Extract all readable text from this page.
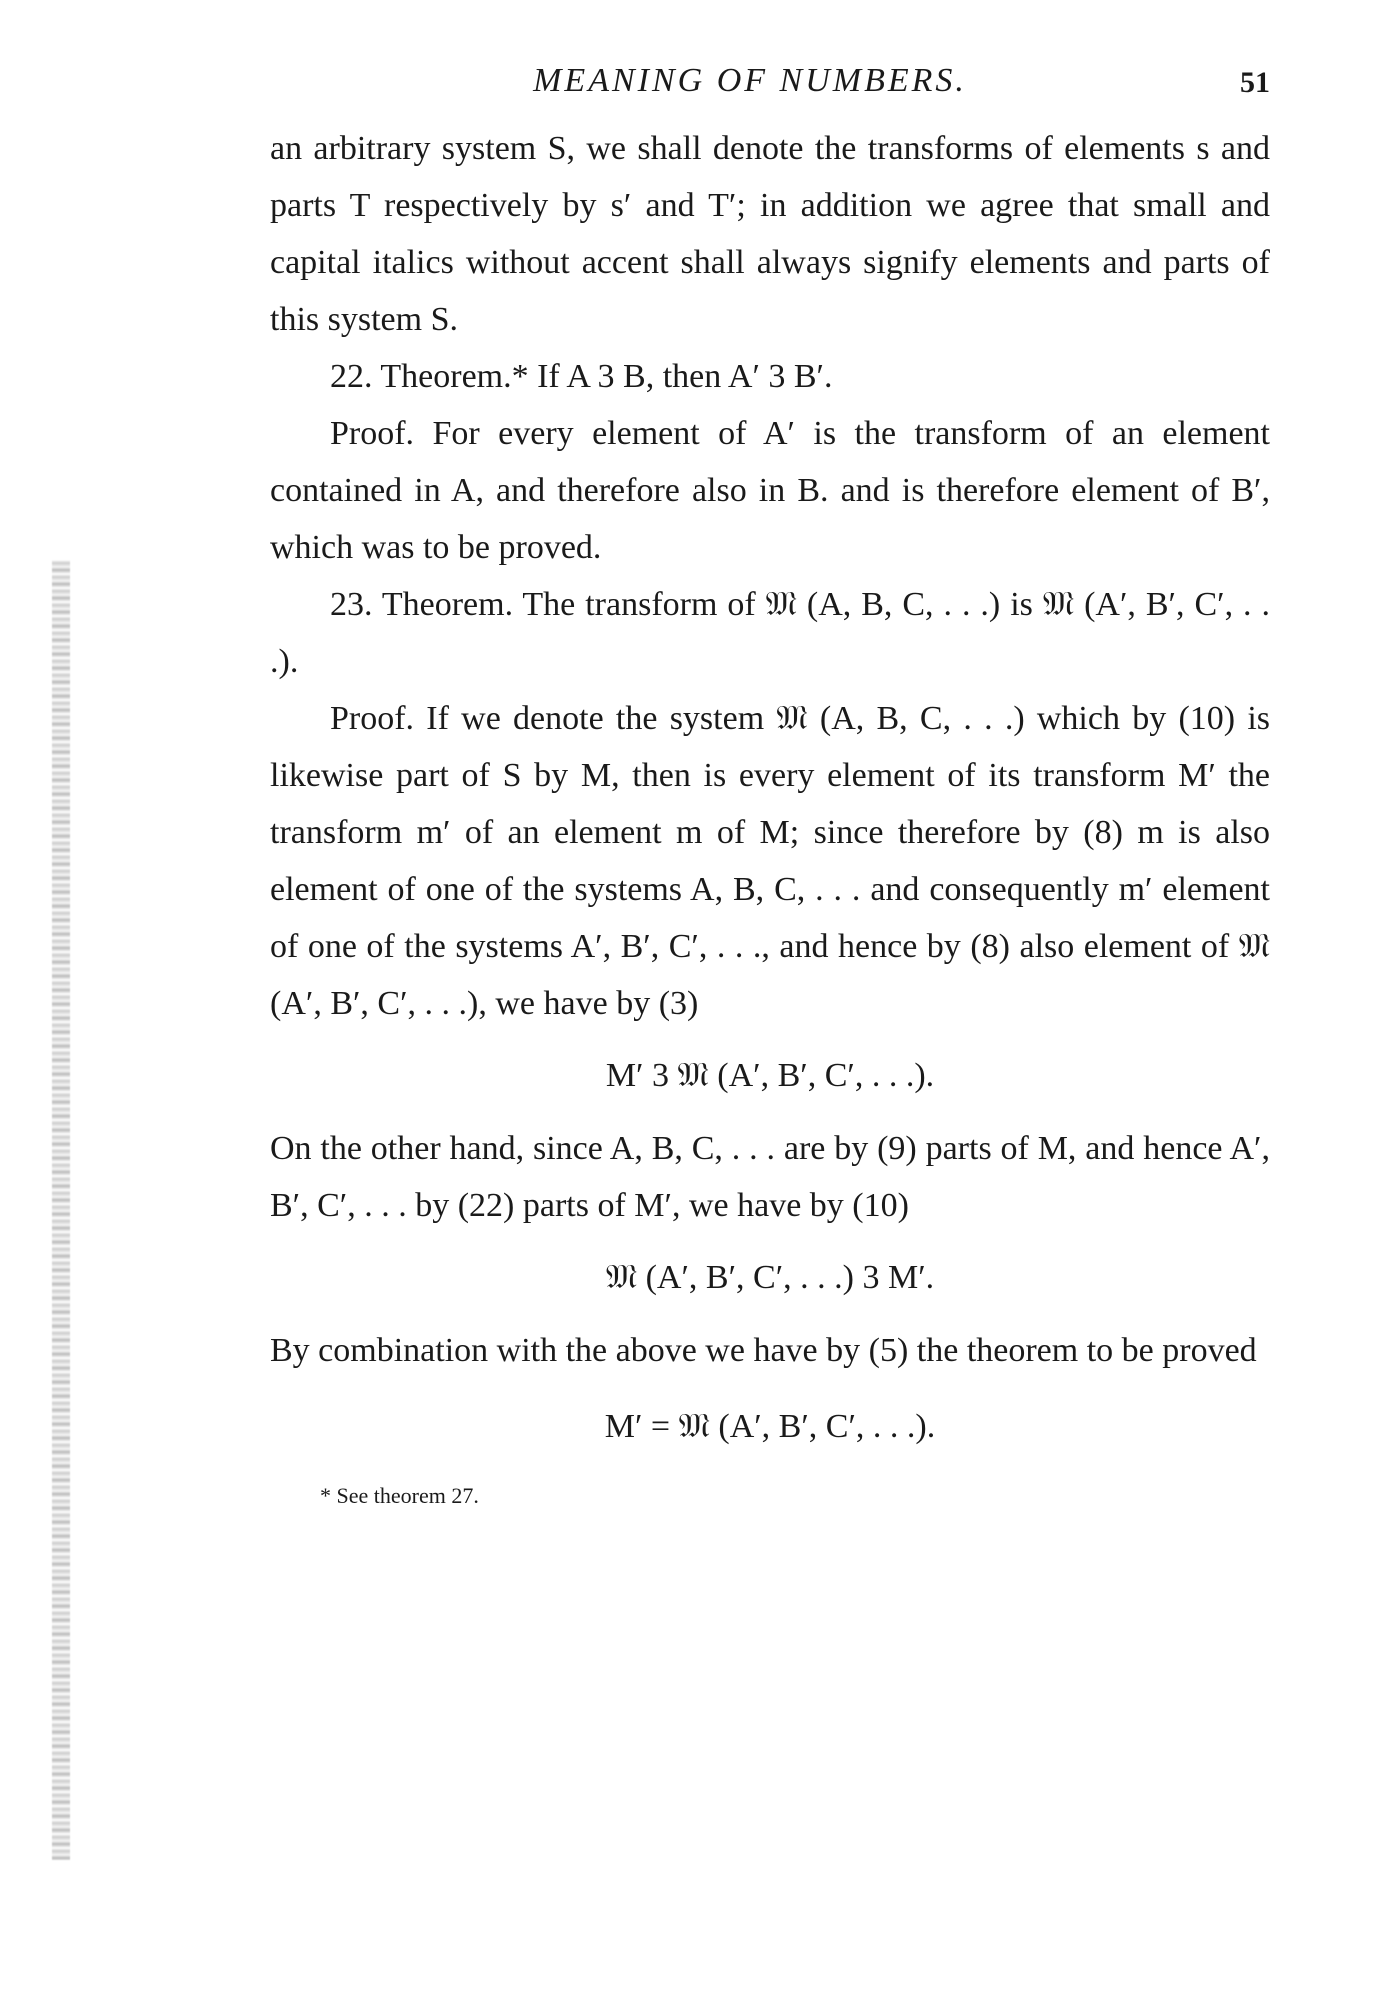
MEANING OF NUMBERS.	51

an arbitrary system S, we shall denote the transforms of elements s and parts T respectively by s′ and T′; in addition we agree that small and capital italics without accent shall always signify elements and parts of this system S.

22. Theorem.* If A 3 B, then A′ 3 B′.

Proof. For every element of A′ is the transform of an element contained in A, and therefore also in B. and is therefore element of B′, which was to be proved.

23. Theorem. The transform of 𝔐 (A, B, C, . . .) is 𝔐 (A′, B′, C′, . . .).

Proof. If we denote the system 𝔐 (A, B, C, . . .) which by (10) is likewise part of S by M, then is every element of its transform M′ the transform m′ of an element m of M; since therefore by (8) m is also element of one of the systems A, B, C, . . . and consequently m′ element of one of the systems A′, B′, C′, . . ., and hence by (8) also element of 𝔐 (A′, B′, C′, . . .), we have by (3)

M′ 3 𝔐 (A′, B′, C′, . . .).

On the other hand, since A, B, C, . . . are by (9) parts of M, and hence A′, B′, C′, . . . by (22) parts of M′, we have by (10)

𝔐 (A′, B′, C′, . . .) 3 M′.

By combination with the above we have by (5) the theorem to be proved

M′ = 𝔐 (A′, B′, C′, . . .).
* See theorem 27.
